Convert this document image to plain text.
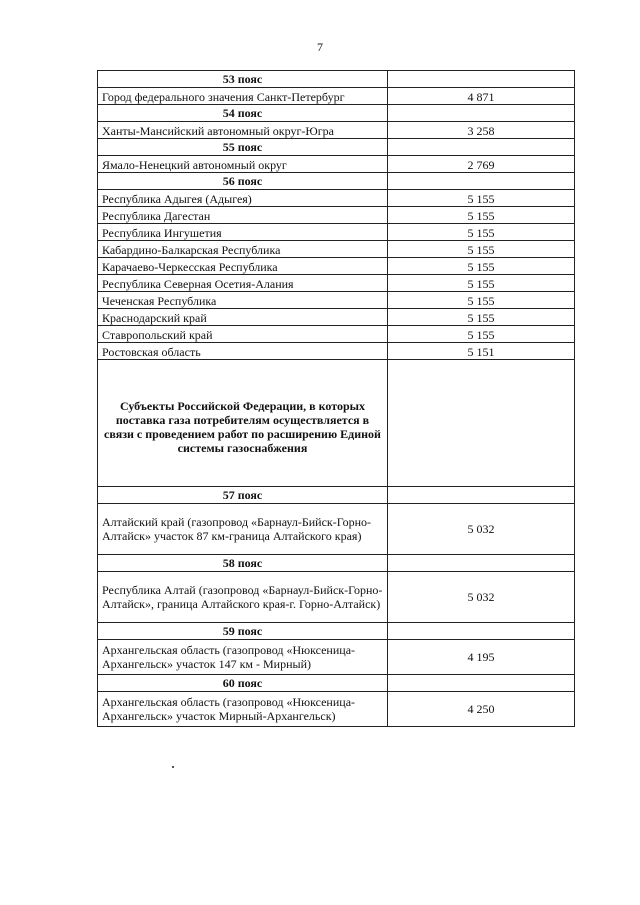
7
53 пояс	
Город федерального значения Санкт-Петербург	4 871
54 пояс	
Ханты-Мансийский автономный округ-Югра	3 258
55 пояс	
Ямало-Ненецкий автономный округ	2 769
56 пояс	
Республика Адыгея (Адыгея)	5 155
Республика Дагестан	5 155
Республика Ингушетия	5 155
Кабардино-Балкарская Республика	5 155
Карачаево-Черкесская Республика	5 155
Республика Северная Осетия-Алания	5 155
Чеченская Республика	5 155
Краснодарский край	5 155
Ставропольский край	5 155
Ростовская область	5 151
Субъекты Российской Федерации, в которых поставка газа потребителям осуществляется в связи с проведением работ по расширению Единой системы газоснабжения	
57 пояс	
Алтайский край (газопровод «Барнаул-Бийск-Горно-Алтайск» участок 87 км-граница Алтайского края)	5 032
58 пояс	
Республика Алтай (газопровод «Барнаул-Бийск-Горно-Алтайск», граница Алтайского края-г. Горно-Алтайск)	5 032
59 пояс	
Архангельская область (газопровод «Нюксеница-Архангельск» участок 147 км - Мирный)	4 195
60 пояс	
Архангельская область (газопровод «Нюксеница-Архангельск» участок Мирный-Архангельск)	4 250
